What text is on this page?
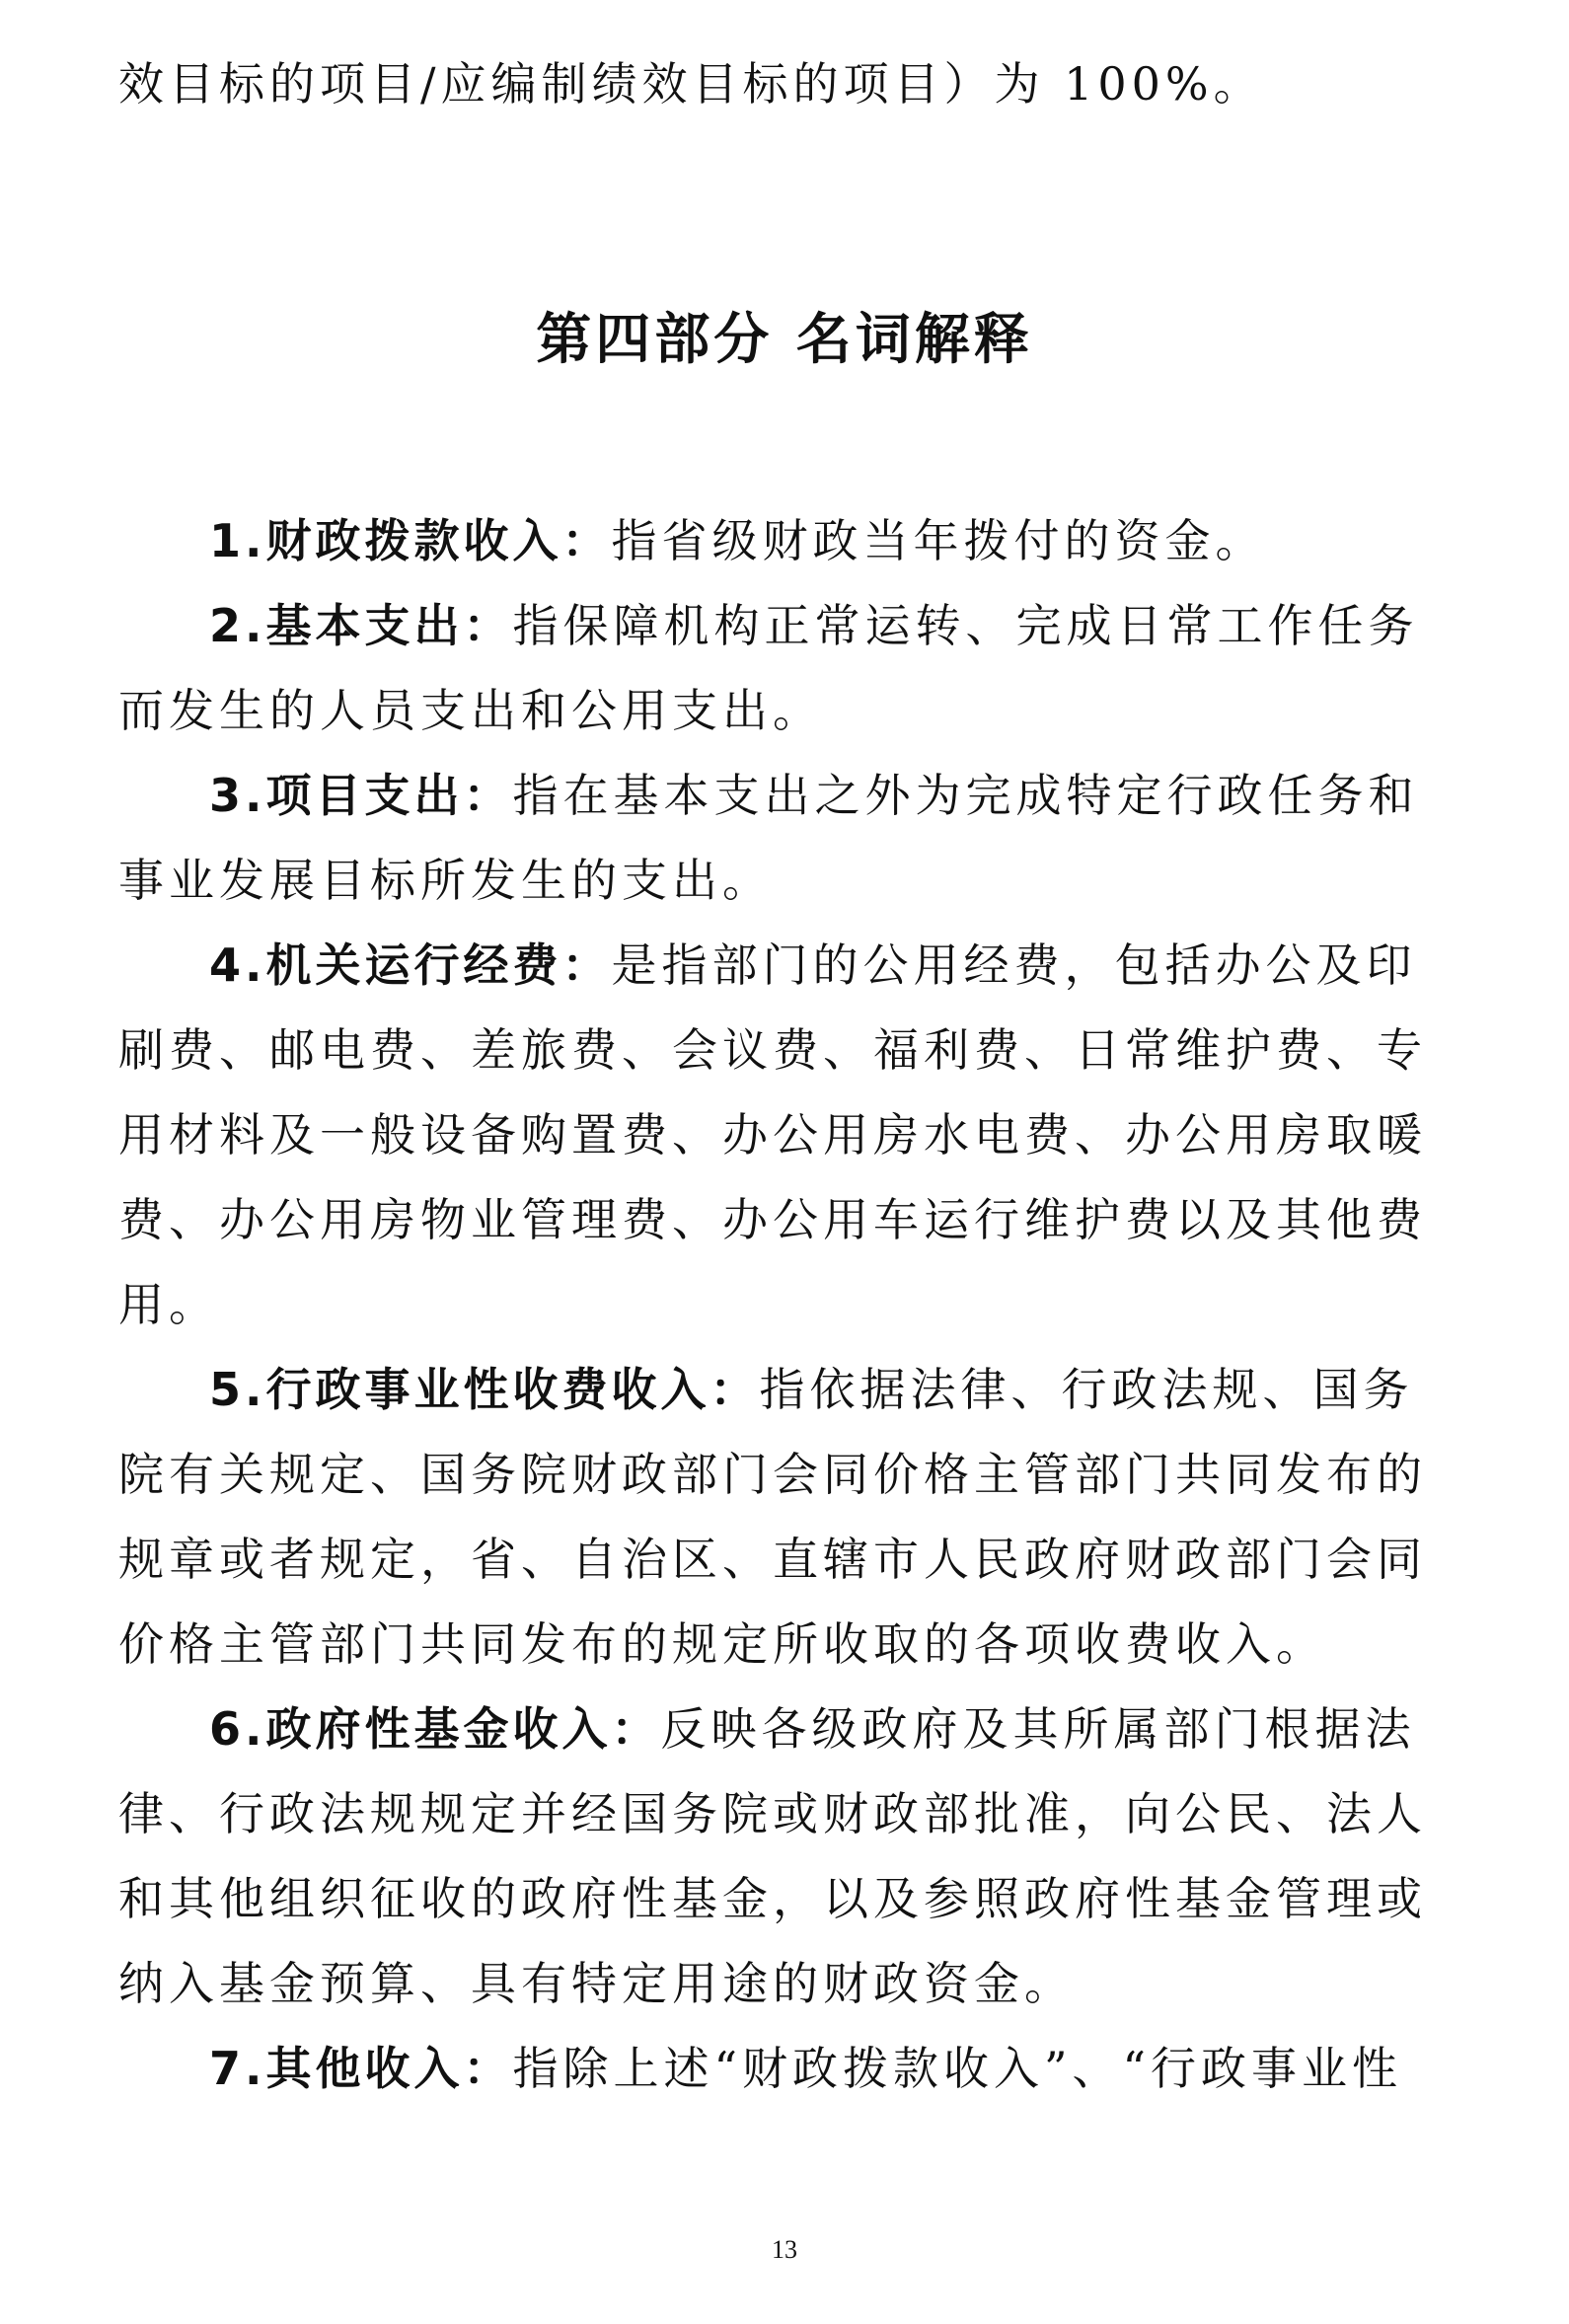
效目标的项目/应编制绩效目标的项目）为 100%。
第四部分 名词解释
1.财政拨款收入：指省级财政当年拨付的资金。
2.基本支出：指保障机构正常运转、完成日常工作任务
而发生的人员支出和公用支出。
3.项目支出：指在基本支出之外为完成特定行政任务和
事业发展目标所发生的支出。
4.机关运行经费：是指部门的公用经费，包括办公及印
刷费、邮电费、差旅费、会议费、福利费、日常维护费、专
用材料及一般设备购置费、办公用房水电费、办公用房取暖
费、办公用房物业管理费、办公用车运行维护费以及其他费
用。
5.行政事业性收费收入：指依据法律、行政法规、国务
院有关规定、国务院财政部门会同价格主管部门共同发布的
规章或者规定，省、自治区、直辖市人民政府财政部门会同
价格主管部门共同发布的规定所收取的各项收费收入。
6.政府性基金收入：反映各级政府及其所属部门根据法
律、行政法规规定并经国务院或财政部批准，向公民、法人
和其他组织征收的政府性基金，以及参照政府性基金管理或
纳入基金预算、具有特定用途的财政资金。
7.其他收入：指除上述“财政拨款收入”、“行政事业性
13
